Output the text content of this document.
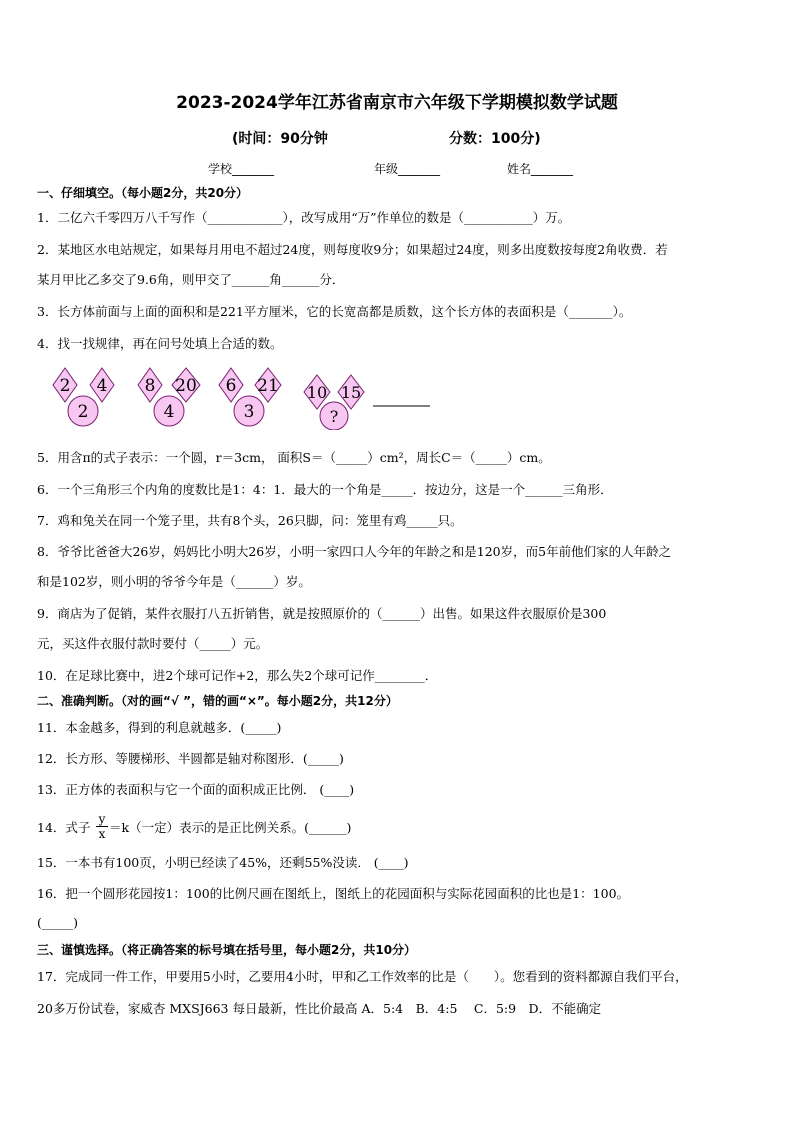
2023-2024学年江苏省南京市六年级下学期模拟数学试题
(时间：90分钟	分数：100分)
学校_______	年级_______	姓名_______
一、仔细填空。（每小题2分，共20分）
1．二亿六千零四万八千写作（____________），改写成用“万”作单位的数是（___________）万。
2．某地区水电站规定，如果每月用电不超过24度，则每度收9分；如果超过24度，则多出度数按每度2角收费．若
某月甲比乙多交了9.6角，则甲交了______角______分．
3．长方体前面与上面的面积和是221平方厘米，它的长宽高都是质数，这个长方体的表面积是（_______）。
4．找一找规律，再在问号处填上合适的数。
2 4
2
8 20
4
6 21
3
10 15
?
5．用含π的式子表示：一个圆，r＝3cm， 面积S＝（_____）cm²，周长C＝（_____）cm。
6．一个三角形三个内角的度数比是1：4：1．最大的一个角是_____．按边分，这是一个______三角形．
7．鸡和兔关在同一个笼子里，共有8个头，26只脚，问：笼里有鸡_____只。
8．爷爷比爸爸大26岁，妈妈比小明大26岁，小明一家四口人今年的年龄之和是120岁，而5年前他们家的人年龄之
和是102岁，则小明的爷爷今年是（______）岁。
9．商店为了促销，某件衣服打八五折销售，就是按照原价的（______）出售。如果这件衣服原价是300
元，买这件衣服付款时要付（_____）元。
10．在足球比赛中，进2个球可记作+2，那么失2个球可记作________．
二、准确判断。（对的画“√ ”，错的画“×”。每小题2分，共12分）
11．本金越多，得到的利息就越多．(_____)
12．长方形、等腰梯形、半圆都是轴对称图形．(_____)
13．正方体的表面积与它一个面的面积成正比例． (____)
14．式子 $\frac{y}{x} =k$（一定）表示的是正比例关系。(______)
15．一本书有100页，小明已经读了45%，还剩55%没读． (____)
16．把一个圆形花园按1：100的比例尺画在图纸上，图纸上的花园面积与实际花园面积的比也是1：100。
(_____)
三、谨慎选择。（将正确答案的标号填在括号里，每小题2分，共10分）
17．完成同一件工作，甲要用5小时，乙要用4小时，甲和乙工作效率的比是（　　）。您看到的资料都源自我们平台，
20多万份试卷，家威杏 MXSJ663 每日最新，性比价最高 A．5:4　B．4:5　 C．5:9　D．不能确定
